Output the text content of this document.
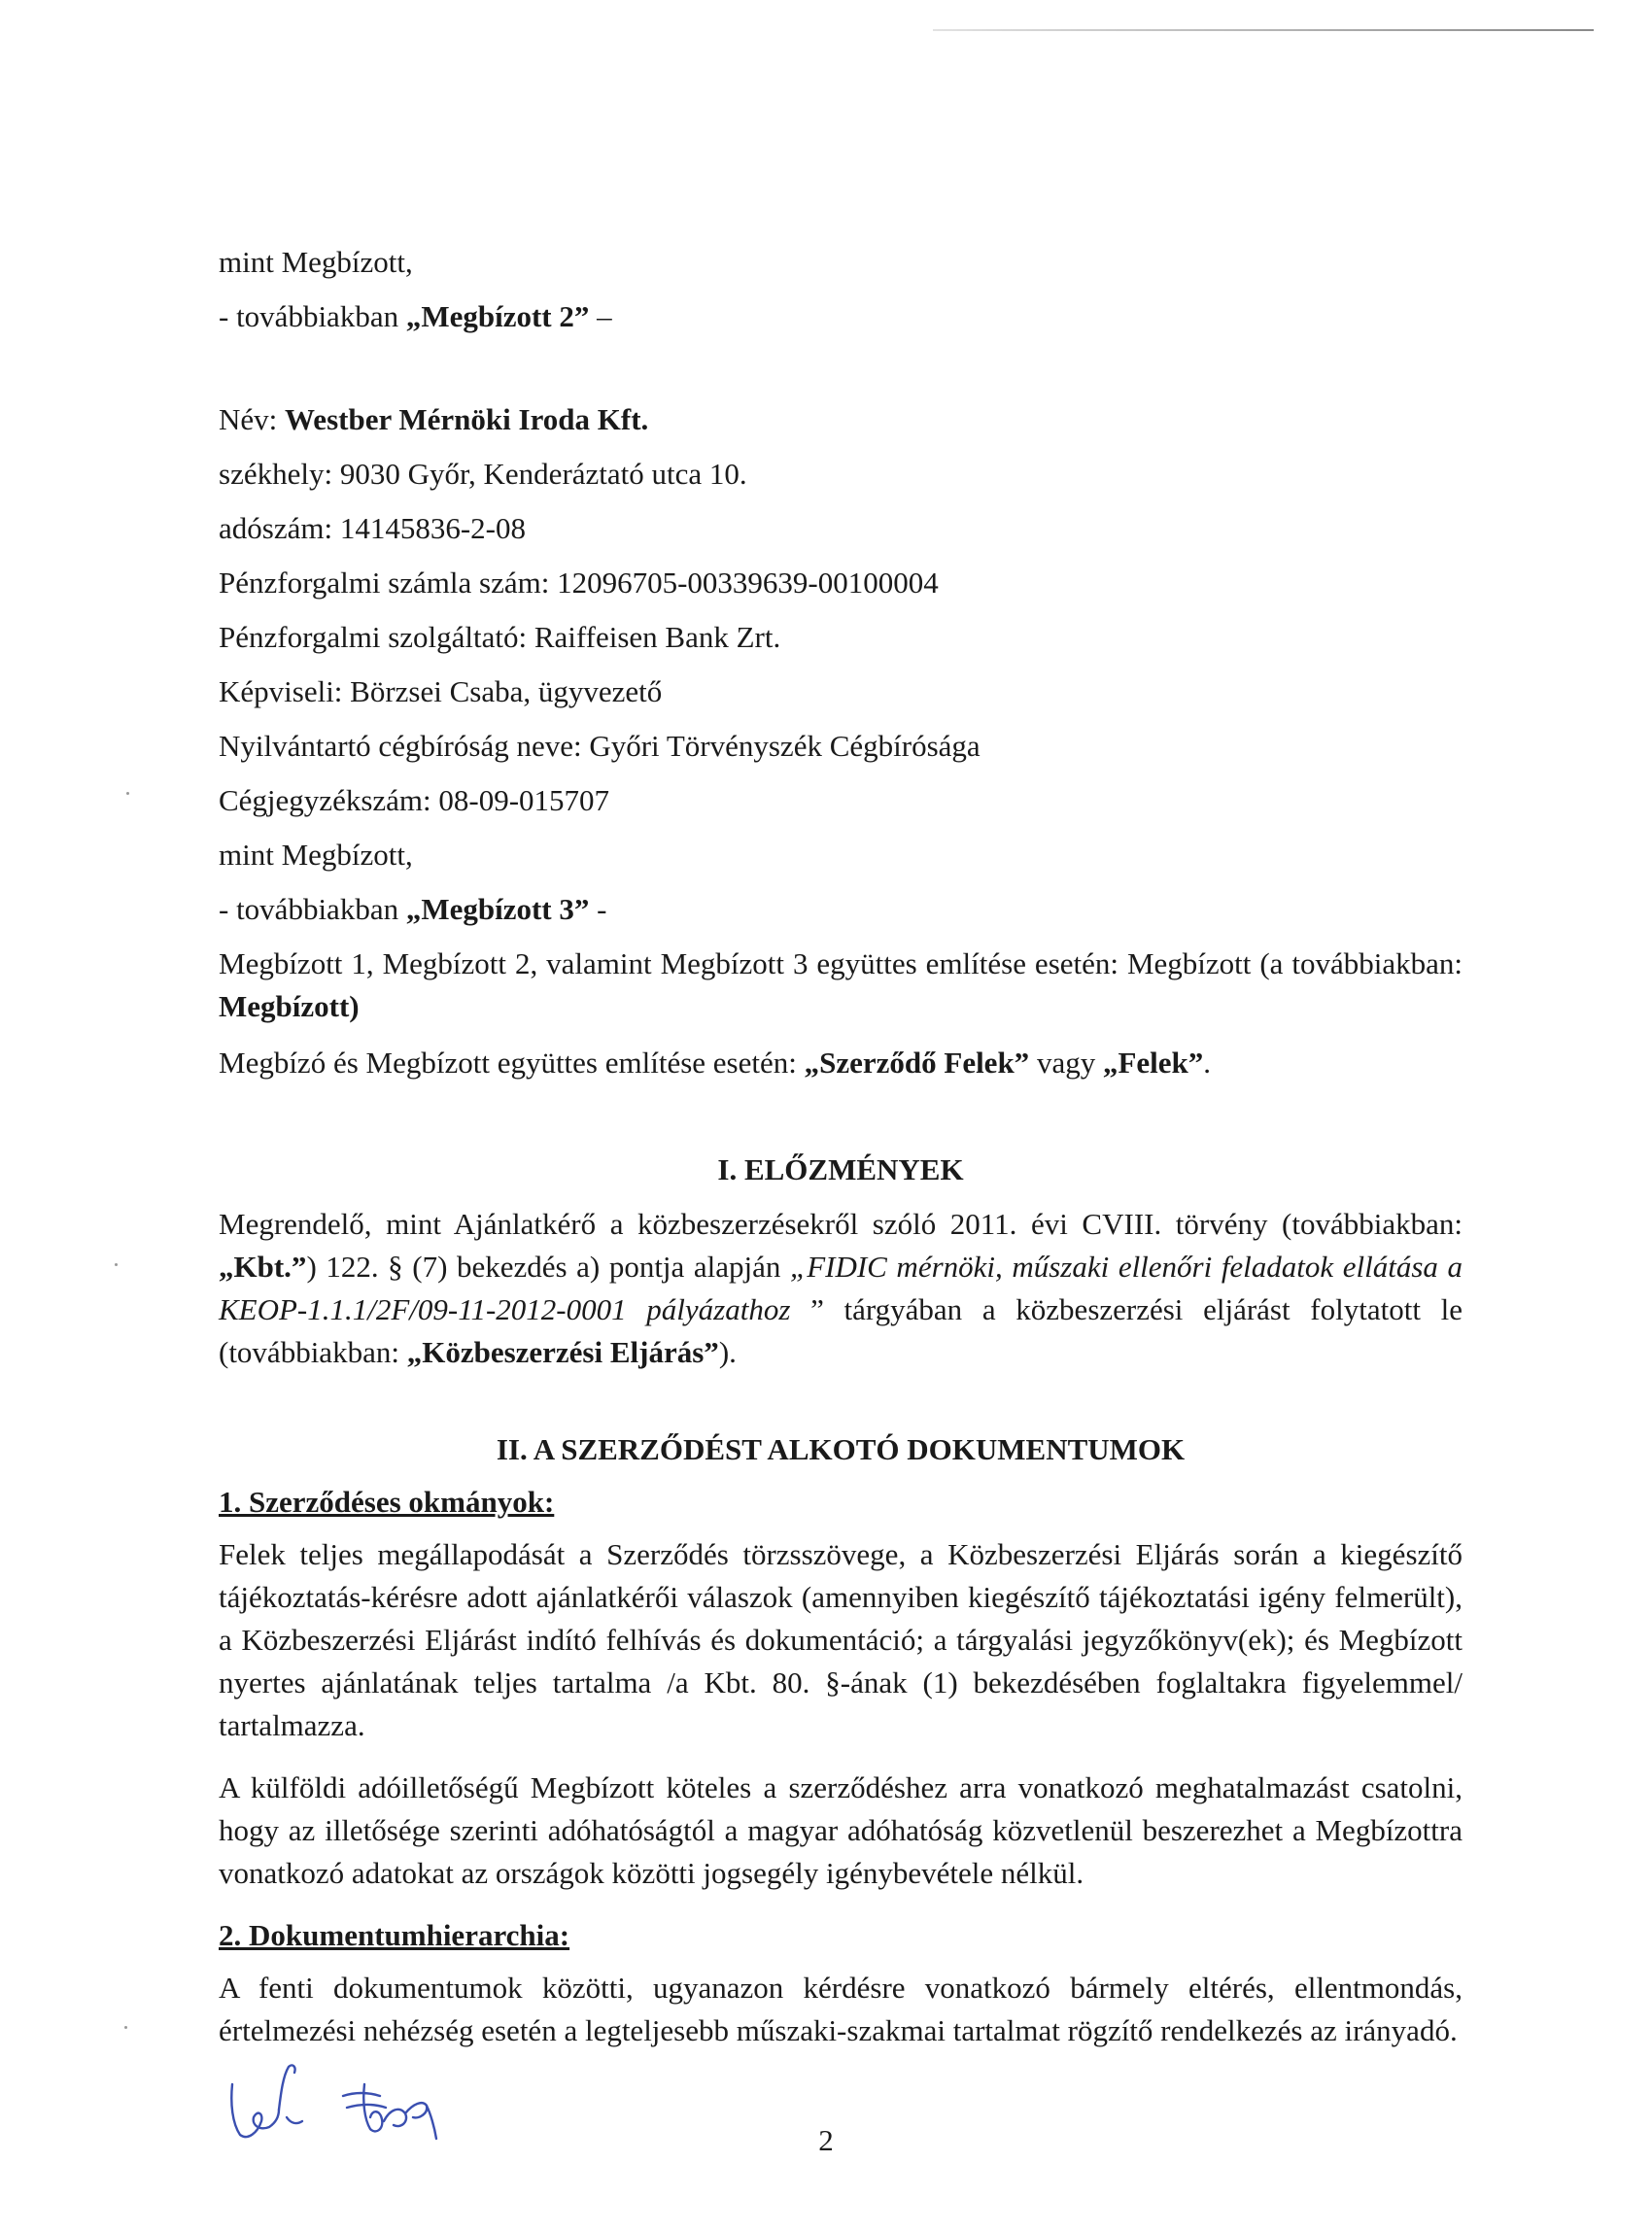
mint Megbízott,

- továbbiakban „Megbízott 2” –

Név: Westber Mérnöki Iroda Kft.

székhely: 9030 Győr, Kenderáztató utca 10.

adószám: 14145836-2-08

Pénzforgalmi számla szám: 12096705-00339639-00100004

Pénzforgalmi szolgáltató: Raiffeisen Bank Zrt.

Képviseli: Börzsei Csaba, ügyvezető

Nyilvántartó cégbíróság neve: Győri Törvényszék Cégbírósága

Cégjegyzékszám: 08-09-015707

mint Megbízott,

- továbbiakban „Megbízott 3” -

Megbízott 1, Megbízott 2, valamint Megbízott 3 együttes említése esetén: Megbízott (a továbbiakban: Megbízott)

Megbízó és Megbízott együttes említése esetén: „Szerződő Felek” vagy „Felek”.

I. ELŐZMÉNYEK

Megrendelő, mint Ajánlatkérő a közbeszerzésekről szóló 2011. évi CVIII. törvény (továbbiakban: „Kbt.”) 122. § (7) bekezdés a) pontja alapján „FIDIC mérnöki, műszaki ellenőri feladatok ellátása a KEOP-1.1.1/2F/09-11-2012-0001 pályázathoz ” tárgyában a közbeszerzési eljárást folytatott le (továbbiakban: „Közbeszerzési Eljárás”).

II. A SZERZŐDÉST ALKOTÓ DOKUMENTUMOK

1. Szerződéses okmányok:

Felek teljes megállapodását a Szerződés törzsszövege, a Közbeszerzési Eljárás során a kiegészítő tájékoztatás-kérésre adott ajánlatkérői válaszok (amennyiben kiegészítő tájékoztatási igény felmerült), a Közbeszerzési Eljárást indító felhívás és dokumentáció; a tárgyalási jegyzőkönyv(ek); és Megbízott nyertes ajánlatának teljes tartalma /a Kbt. 80. §-ának (1) bekezdésében foglaltakra figyelemmel/ tartalmazza.

A külföldi adóilletőségű Megbízott köteles a szerződéshez arra vonatkozó meghatalmazást csatolni, hogy az illetősége szerinti adóhatóságtól a magyar adóhatóság közvetlenül beszerezhet a Megbízottra vonatkozó adatokat az országok közötti jogsegély igénybevétele nélkül.

2. Dokumentumhierarchia:

A fenti dokumentumok közötti, ugyanazon kérdésre vonatkozó bármely eltérés, ellentmondás, értelmezési nehézség esetén a legteljesebb műszaki-szakmai tartalmat rögzítő rendelkezés az irányadó.

2
